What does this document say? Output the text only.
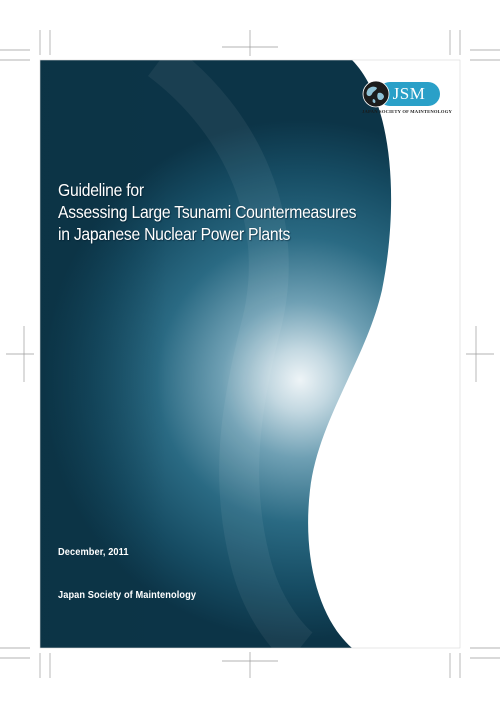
JSM
JAPAN SOCIETY OF MAINTENOLOGY
Guideline for
Assessing Large Tsunami Countermeasures
in Japanese Nuclear Power Plants
December, 2011
Japan Society of Maintenology
